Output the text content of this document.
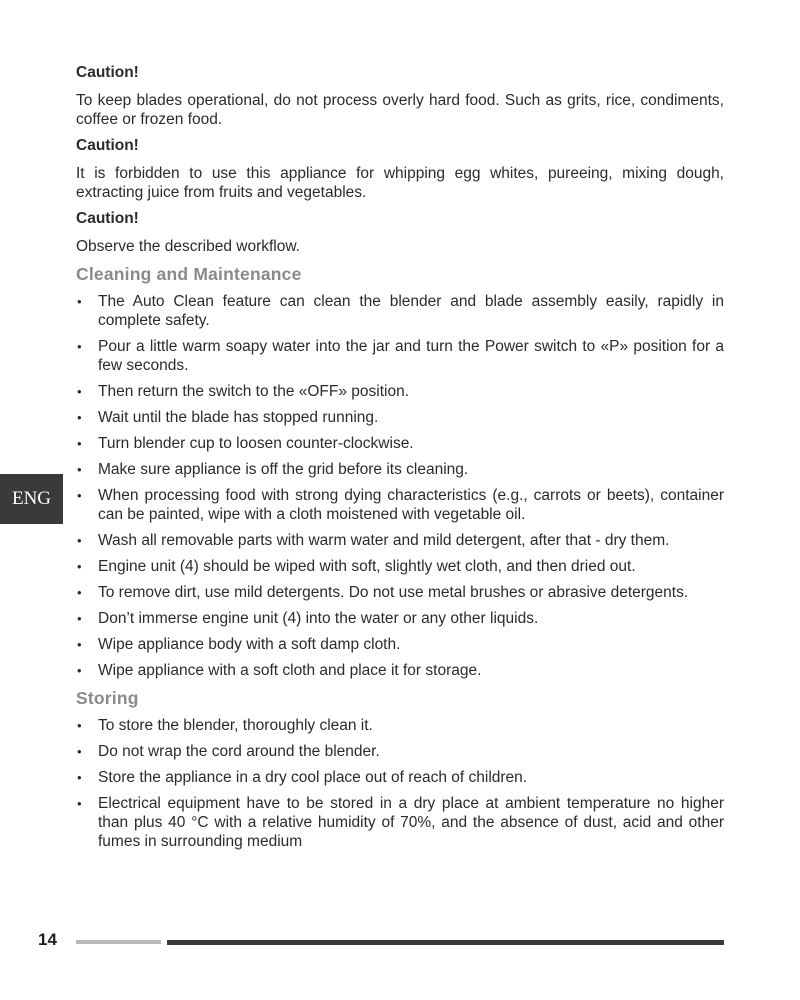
Caution!

To keep blades operational, do not process overly hard food. Such as grits, rice, condiments, coffee or frozen food.

Caution!

It is forbidden to use this appliance for whipping egg whites, pureeing, mixing dough, extracting juice from fruits and vegetables.

Caution!

Observe the described workflow.

Cleaning and Maintenance
• The Auto Clean feature can clean the blender and blade assembly easily, rapidly in complete safety.
• Pour a little warm soapy water into the jar and turn the Power switch to «P» position for a few seconds.
• Then return the switch to the «OFF» position.
• Wait until the blade has stopped running.
• Turn blender cup to loosen counter-clockwise.
• Make sure appliance is off the grid before its cleaning.
• When processing food with strong dying characteristics (e.g., carrots or beets), container can be painted, wipe with a cloth moistened with vegetable oil.
• Wash all removable parts with warm water and mild detergent, after that - dry them.
• Engine unit (4) should be wiped with soft, slightly wet cloth, and then dried out.
• To remove dirt, use mild detergents. Do not use metal brushes or abrasive detergents.
• Don’t immerse engine unit (4) into the water or any other liquids.
• Wipe appliance body with a soft damp cloth.
• Wipe appliance with a soft cloth and place it for storage.
Storing
• To store the blender, thoroughly clean it.
• Do not wrap the cord around the blender.
• Store the appliance in a dry cool place out of reach of children.
• Electrical equipment have to be stored in a dry place at ambient temperature no higher than plus 40 °C with a relative humidity of 70%, and the absence of dust, acid and other fumes in surrounding medium
ENG
14
